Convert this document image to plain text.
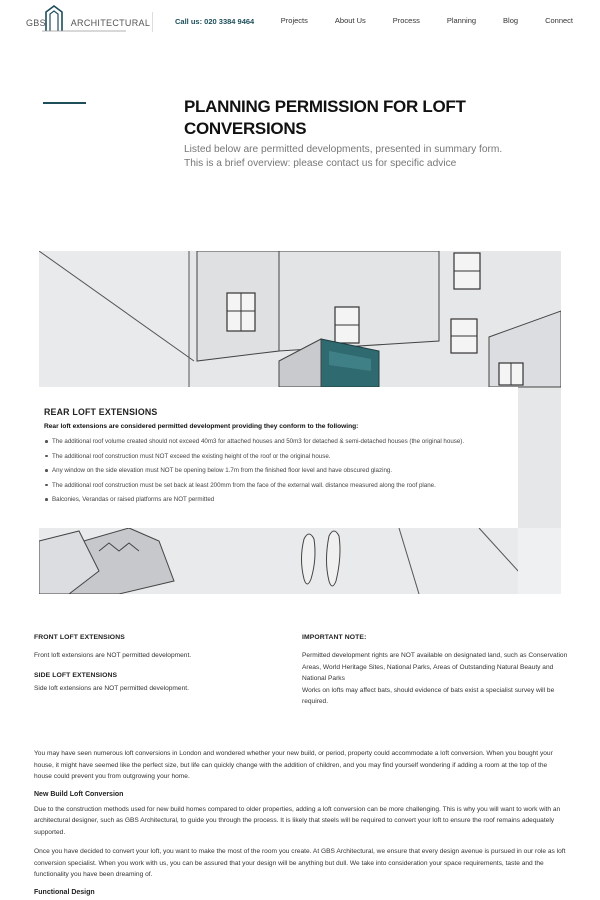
GBS	ARCHITECTURAL	Call us: 020 3384 9464	Projects	About Us	Process	Planning	Blog	Connect
PLANNING PERMISSION FOR LOFT CONVERSIONS

Listed below are permitted developments, presented in summary form. This is a brief overview: please contact us for specific advice

REAR LOFT EXTENSIONS

Rear loft extensions are considered permitted development providing they conform to the following:

The additional roof volume created should not exceed 40m3 for attached houses and 50m3 for detached & semi-detached houses (the original house).
The additional roof construction must NOT exceed the existing height of the roof or the original house.
Any window on the side elevation must NOT be opening below 1.7m from the finished floor level and have obscured glazing.
The additional roof construction must be set back at least 200mm from the face of the external wall. distance measured along the roof plane.
Balconies, Verandas or raised platforms are NOT permitted
FRONT LOFT EXTENSIONS

Front loft extensions are NOT permitted development.

SIDE LOFT EXTENSIONS

Side loft extensions are NOT permitted development.

IMPORTANT NOTE:

Permitted development rights are NOT available on designated land, such as Conservation Areas, World Heritage Sites, National Parks, Areas of Outstanding Natural Beauty and National Parks

Works on lofts may affect bats, should evidence of bats exist a specialist survey will be required.

You may have seen numerous loft conversions in London and wondered whether your new build, or period, property could accommodate a loft conversion. When you bought your house, it might have seemed like the perfect size, but life can quickly change with the addition of children, and you may find yourself wondering if adding a room at the top of the house could prevent you from outgrowing your home.

New Build Loft Conversion

Due to the construction methods used for new build homes compared to older properties, adding a loft conversion can be more challenging. This is why you will want to work with an architectural designer, such as GBS Architectural, to guide you through the process. It is likely that steels will be required to convert your loft to ensure the roof remains adequately supported.

Once you have decided to convert your loft, you want to make the most of the room you create. At GBS Architectural, we ensure that every design avenue is pursued in our role as loft conversion specialist. When you work with us, you can be assured that your design will be anything but dull. We take into consideration your space requirements, taste and the functionality you have been dreaming of.

Functional Design
